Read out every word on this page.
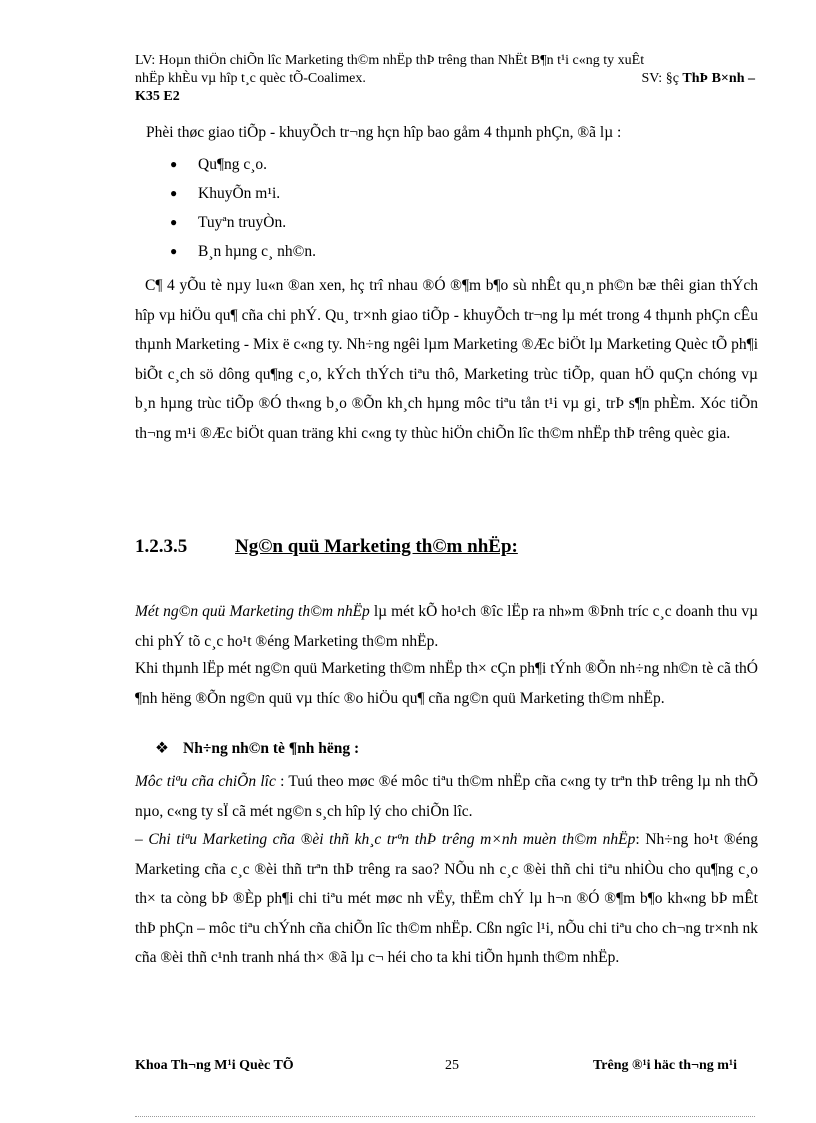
LV: Hoµn thiÖn chiÕn lîc Marketing th©m nhËp thÞ trêng than NhËt B¶n t¹i c«ng ty xuÊt
nhËp khÈu vµ hîp t¸c quèc tÕ-Coalimex.	SV: §ç ThÞ B×nh –
K35 E2
Phèi thøc giao tiÕp - khuyÕch tr¬ng hçn hîp bao gåm 4 thµnh phÇn, ®ã lµ :
●	Qu¶ng c¸o.
●	KhuyÕn m¹i.
●	Tuyªn truyÒn.
●	B¸n hµng c¸ nh©n.
C¶ 4 yÕu tè nµy lu«n ®an xen, hç trî nhau ®Ó ®¶m b¶o sù nhÊt qu¸n ph©n bæ thêi gian thÝch hîp vµ hiÖu qu¶ cña chi phÝ. Qu¸ tr×nh giao tiÕp - khuyÕch tr¬ng lµ mét trong 4 thµnh phÇn cÊu thµnh Marketing - Mix ë c«ng ty. Nh÷ng ngêi lµm Marketing ®Æc biÖt lµ Marketing Quèc tÕ ph¶i biÕt c¸ch sö dông qu¶ng c¸o, kÝch thÝch tiªu thô, Marketing trùc tiÕp, quan hÖ quÇn chóng vµ b¸n hµng trùc tiÕp ®Ó th«ng b¸o ®Õn kh¸ch hµng môc tiªu tån t¹i vµ gi¸ trÞ s¶n phÈm. Xóc tiÕn th¬ng m¹i ®Æc biÖt quan träng khi c«ng ty thùc hiÖn chiÕn lîc th©m nhËp thÞ trêng quèc gia.
1.2.3.5	Ng©n quü Marketing th©m nhËp:
Mét ng©n quü Marketing th©m nhËp lµ mét kÕ ho¹ch ®îc lËp ra nh»m ®Þnh tríc c¸c doanh thu vµ chi phÝ tõ c¸c ho¹t ®éng Marketing th©m nhËp.
Khi thµnh lËp mét ng©n quü Marketing th©m nhËp th× cÇn ph¶i tÝnh ®Õn nh÷ng nh©n tè cã thÓ ¶nh hëng ®Õn ng©n quü vµ thíc ®o hiÖu qu¶ cña ng©n quü Marketing th©m nhËp.
❖ Nh÷ng nh©n tè ¶nh hëng :
Môc tiªu cña chiÕn lîc : Tuú theo møc ®é môc tiªu th©m nhËp cña c«ng ty trªn thÞ trêng lµ nh thÕ nµo, c«ng ty sÏ cã mét ng©n s¸ch hîp lý cho chiÕn lîc.
– Chi tiªu Marketing cña ®èi thñ kh¸c trªn thÞ trêng m×nh muèn th©m nhËp: Nh÷ng ho¹t ®éng Marketing cña c¸c ®èi thñ trªn thÞ trêng ra sao? NÕu nh c¸c ®èi thñ chi tiªu nhiÒu cho qu¶ng c¸o th× ta còng bÞ ®Èp ph¶i chi tiªu mét møc nh vËy, thËm chÝ lµ h¬n ®Ó ®¶m b¶o kh«ng bÞ mÊt thÞ phÇn – môc tiªu chÝnh cña chiÕn lîc th©m nhËp. Cßn ngîc l¹i, nÕu chi tiªu cho ch¬ng tr×nh nk cña ®èi thñ c¹nh tranh nhá th× ®ã lµ c¬ héi cho ta khi tiÕn hµnh th©m nhËp.
Khoa Th¬ng M¹i Quèc TÕ	25	Trêng ®¹i häc th¬ng m¹i
